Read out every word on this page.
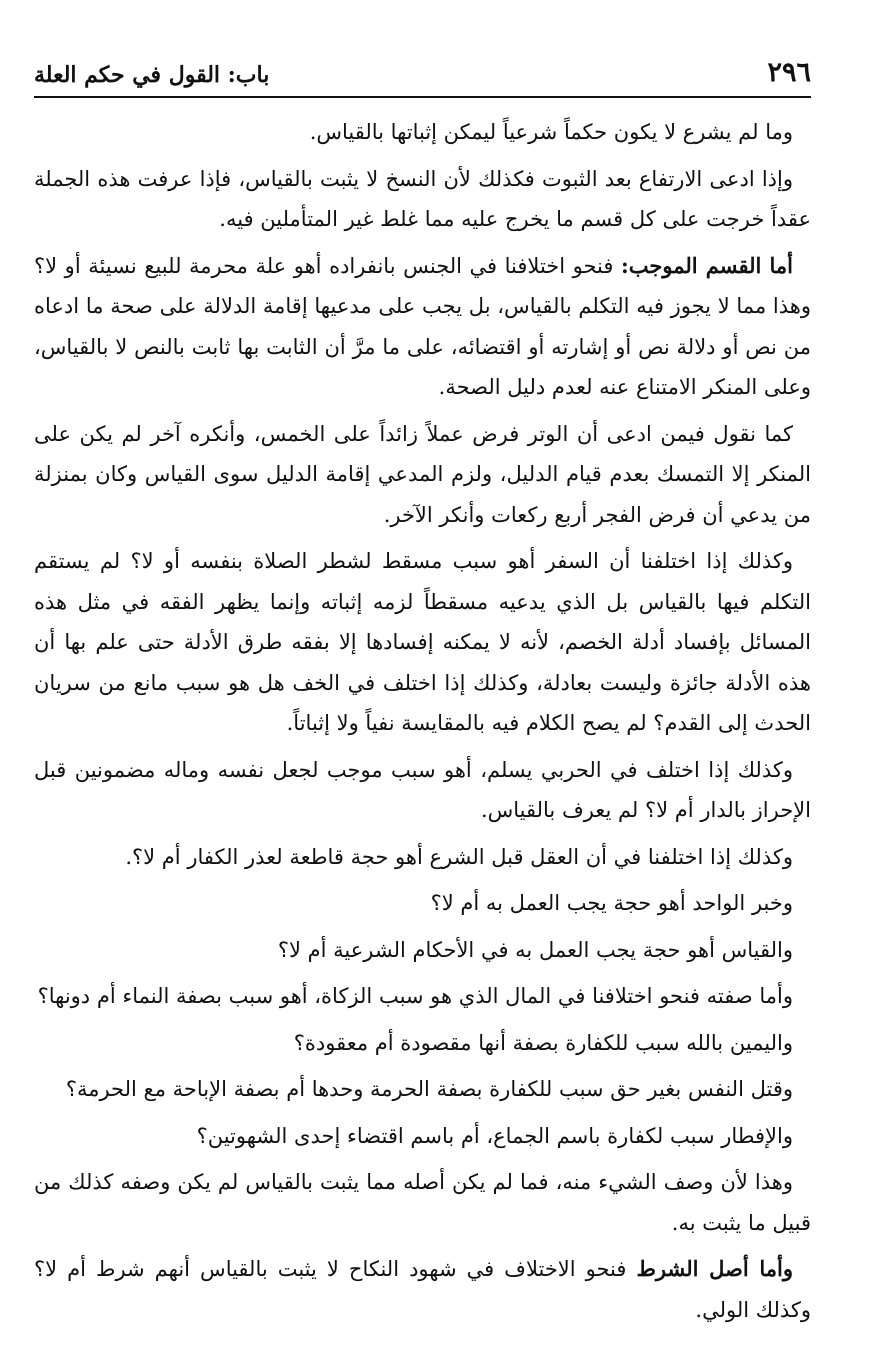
٢٩٦
باب: القول في حكم العلة

وما لم يشرع لا يكون حكماً شرعياً ليمكن إثباتها بالقياس.

وإذا ادعى الارتفاع بعد الثبوت فكذلك لأن النسخ لا يثبت بالقياس، فإذا عرفت هذه الجملة عقداً خرجت على كل قسم ما يخرج عليه مما غلط غير المتأملين فيه.

أما القسم الموجب: فنحو اختلافنا في الجنس بانفراده أهو علة محرمة للبيع نسيئة أو لا؟ وهذا مما لا يجوز فيه التكلم بالقياس، بل يجب على مدعيها إقامة الدلالة على صحة ما ادعاه من نص أو دلالة نص أو إشارته أو اقتضائه، على ما مرَّ أن الثابت بها ثابت بالنص لا بالقياس، وعلى المنكر الامتناع عنه لعدم دليل الصحة.

كما نقول فيمن ادعى أن الوتر فرض عملاً زائداً على الخمس، وأنكره آخر لم يكن على المنكر إلا التمسك بعدم قيام الدليل، ولزم المدعي إقامة الدليل سوى القياس وكان بمنزلة من يدعي أن فرض الفجر أربع ركعات وأنكر الآخر.

وكذلك إذا اختلفنا أن السفر أهو سبب مسقط لشطر الصلاة بنفسه أو لا؟ لم يستقم التكلم فيها بالقياس بل الذي يدعيه مسقطاً لزمه إثباته وإنما يظهر الفقه في مثل هذه المسائل بإفساد أدلة الخصم، لأنه لا يمكنه إفسادها إلا بفقه طرق الأدلة حتى علم بها أن هذه الأدلة جائزة وليست بعادلة، وكذلك إذا اختلف في الخف هل هو سبب مانع من سريان الحدث إلى القدم؟ لم يصح الكلام فيه بالمقايسة نفياً ولا إثباتاً.

وكذلك إذا اختلف في الحربي يسلم، أهو سبب موجب لجعل نفسه وماله مضمونين قبل الإحراز بالدار أم لا؟ لم يعرف بالقياس.

وكذلك إذا اختلفنا في أن العقل قبل الشرع أهو حجة قاطعة لعذر الكفار أم لا؟.

وخبر الواحد أهو حجة يجب العمل به أم لا؟

والقياس أهو حجة يجب العمل به في الأحكام الشرعية أم لا؟

وأما صفته فنحو اختلافنا في المال الذي هو سبب الزكاة، أهو سبب بصفة النماء أم دونها؟

واليمين بالله سبب للكفارة بصفة أنها مقصودة أم معقودة؟

وقتل النفس بغير حق سبب للكفارة بصفة الحرمة وحدها أم بصفة الإباحة مع الحرمة؟

والإفطار سبب لكفارة باسم الجماع، أم باسم اقتضاء إحدى الشهوتين؟

وهذا لأن وصف الشيء منه، فما لم يكن أصله مما يثبت بالقياس لم يكن وصفه كذلك من قبيل ما يثبت به.

وأما أصل الشرط فنحو الاختلاف في شهود النكاح لا يثبت بالقياس أنهم شرط أم لا؟ وكذلك الولي.
